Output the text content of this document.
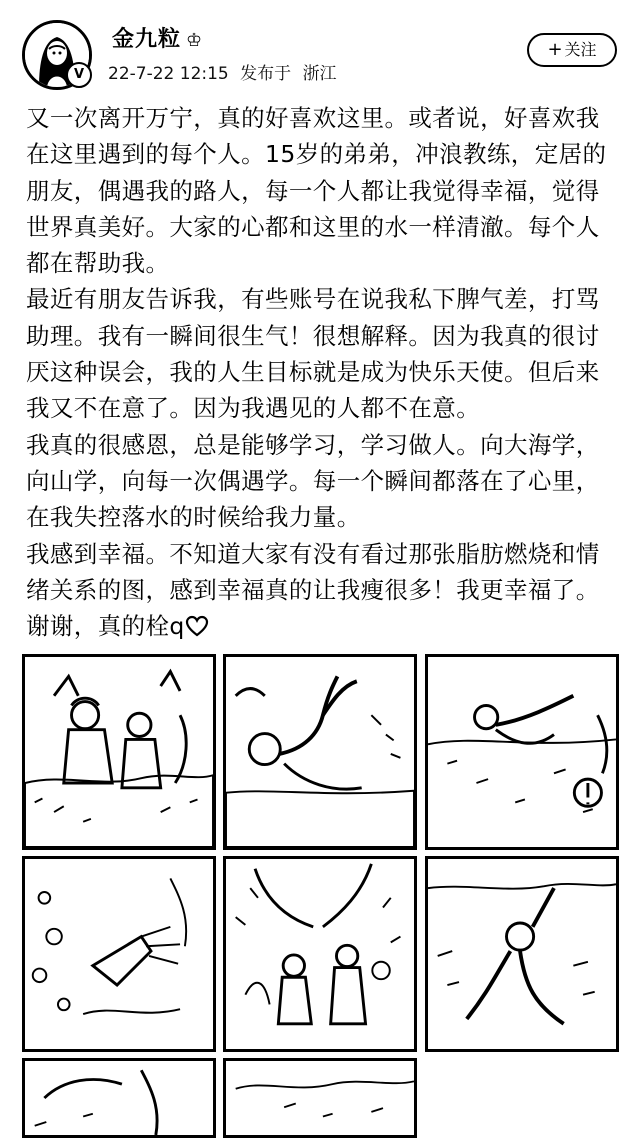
V
金九粒 ♔
22-7-22 12:15 发布于 浙江
+ 关注

又一次离开万宁，真的好喜欢这里。或者说，好喜欢我在这里遇到的每个人。15岁的弟弟，冲浪教练，定居的朋友，偶遇我的路人，每一个人都让我觉得幸福，觉得世界真美好。大家的心都和这里的水一样清澈。每个人都在帮助我。

最近有朋友告诉我，有些账号在说我私下脾气差，打骂助理。我有一瞬间很生气！很想解释。因为我真的很讨厌这种误会，我的人生目标就是成为快乐天使。但后来我又不在意了。因为我遇见的人都不在意。

我真的很感恩，总是能够学习，学习做人。向大海学，向山学，向每一次偶遇学。每一个瞬间都落在了心里，在我失控落水的时候给我力量。

我感到幸福。不知道大家有没有看过那张脂肪燃烧和情绪关系的图，感到幸福真的让我瘦很多！我更幸福了。谢谢，真的栓q
